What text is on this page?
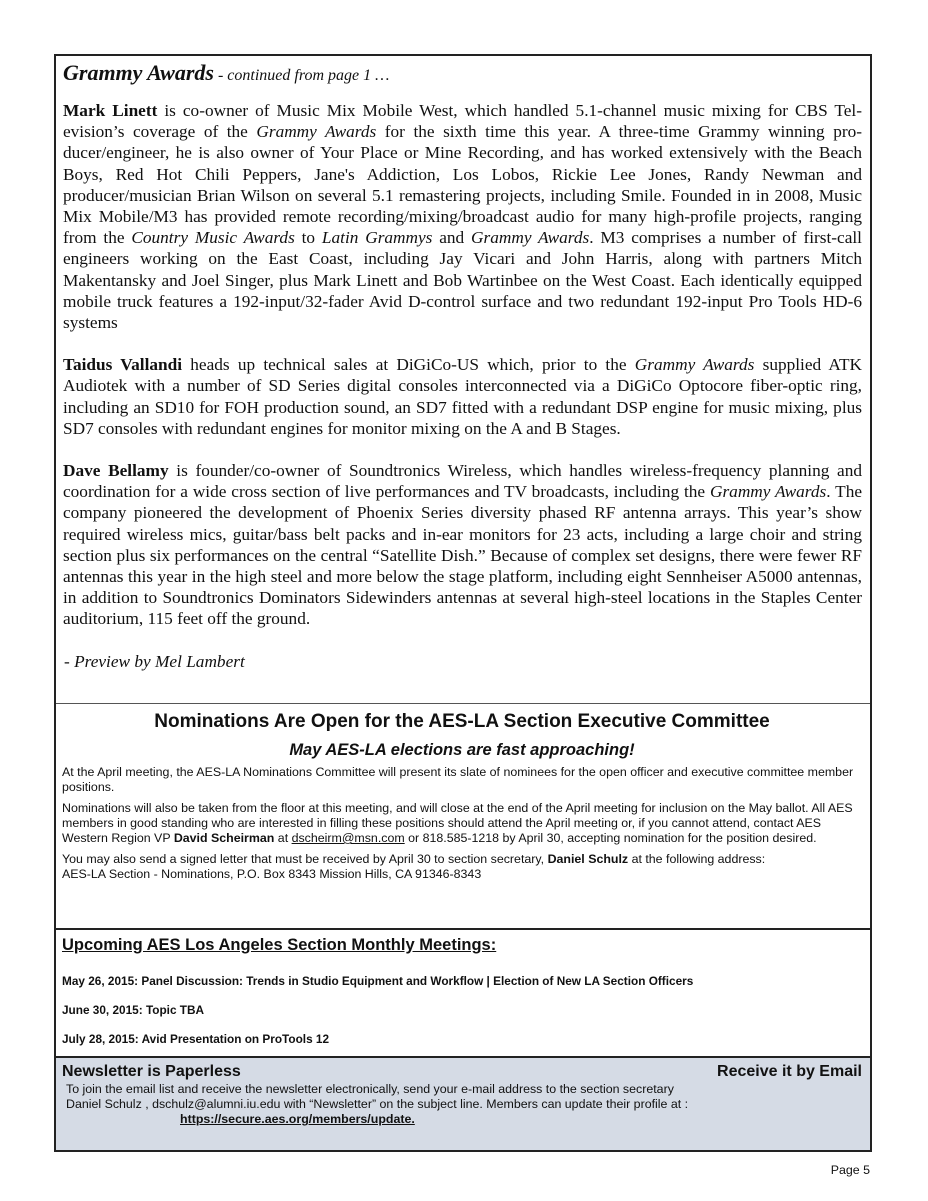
Grammy Awards - continued from page 1 …

Mark Linett is co-owner of Music Mix Mobile West, which handled 5.1-channel music mixing for CBS Television’s coverage of the Grammy Awards for the sixth time this year. A three-time Grammy winning producer/engineer, he is also owner of Your Place or Mine Recording, and has worked extensively with the Beach Boys, Red Hot Chili Peppers, Jane's Addiction, Los Lobos, Rickie Lee Jones, Randy Newman and producer/musician Brian Wilson on several 5.1 remastering projects, including Smile. Founded in in 2008, Music Mix Mobile/M3 has provided remote recording/mixing/broadcast audio for many high-profile projects, ranging from the Country Music Awards to Latin Grammys and Grammy Awards. M3 comprises a number of first-call engineers working on the East Coast, including Jay Vicari and John Harris, along with partners Mitch Makentansky and Joel Singer, plus Mark Linett and Bob Wartinbee on the West Coast. Each identically equipped mobile truck features a 192-input/32-fader Avid D-control surface and two redundant 192-input Pro Tools HD-6 systems

Taidus Vallandi heads up technical sales at DiGiCo-US which, prior to the Grammy Awards supplied ATK Audiotek with a number of SD Series digital consoles interconnected via a DiGiCo Optocore fiber-optic ring, including an SD10 for FOH production sound, an SD7 fitted with a redundant DSP engine for music mixing, plus SD7 consoles with redundant engines for monitor mixing on the A and B Stages.

Dave Bellamy is founder/co-owner of Soundtronics Wireless, which handles wireless-frequency planning and coordination for a wide cross section of live performances and TV broadcasts, including the Grammy Awards. The company pioneered the development of Phoenix Series diversity phased RF antenna arrays. This year’s show required wireless mics, guitar/bass belt packs and in-ear monitors for 23 acts, including a large choir and string section plus six performances on the central “Satellite Dish.” Because of complex set designs, there were fewer RF antennas this year in the high steel and more below the stage platform, including eight Sennheiser A5000 antennas, in addition to Soundtronics Dominators Sidewinders antennas at several high-steel locations in the Staples Center auditorium, 115 feet off the ground.

- Preview by Mel Lambert
Nominations Are Open for the AES-LA Section Executive Committee
May AES-LA elections are fast approaching!

At the April meeting, the AES-LA Nominations Committee will present its slate of nominees for the open officer and executive committee member positions.

Nominations will also be taken from the floor at this meeting, and will close at the end of the April meeting for inclusion on the May ballot. All AES members in good standing who are interested in filling these positions should attend the April meeting or, if you cannot attend, contact AES Western Region VP David Scheirman at dscheirm@msn.com or 818.585-1218 by April 30, accepting nomination for the position desired.

You may also send a signed letter that must be received by April 30 to section secretary, Daniel Schulz at the following address:
AES-LA Section - Nominations, P.O. Box 8343 Mission Hills, CA 91346-8343

Upcoming AES Los Angeles Section Monthly Meetings:
May 26, 2015: Panel Discussion: Trends in Studio Equipment and Workflow | Election of New LA Section Officers
June 30, 2015: Topic TBA
July 28, 2015: Avid Presentation on ProTools 12
Newsletter is Paperless	Receive it by Email
To join the email list and receive the newsletter electronically, send your e-mail address to the section secretary
Daniel Schulz , dschulz@alumni.iu.edu with “Newsletter” on the subject line. Members can update their profile at :
https://secure.aes.org/members/update.
Page 5
